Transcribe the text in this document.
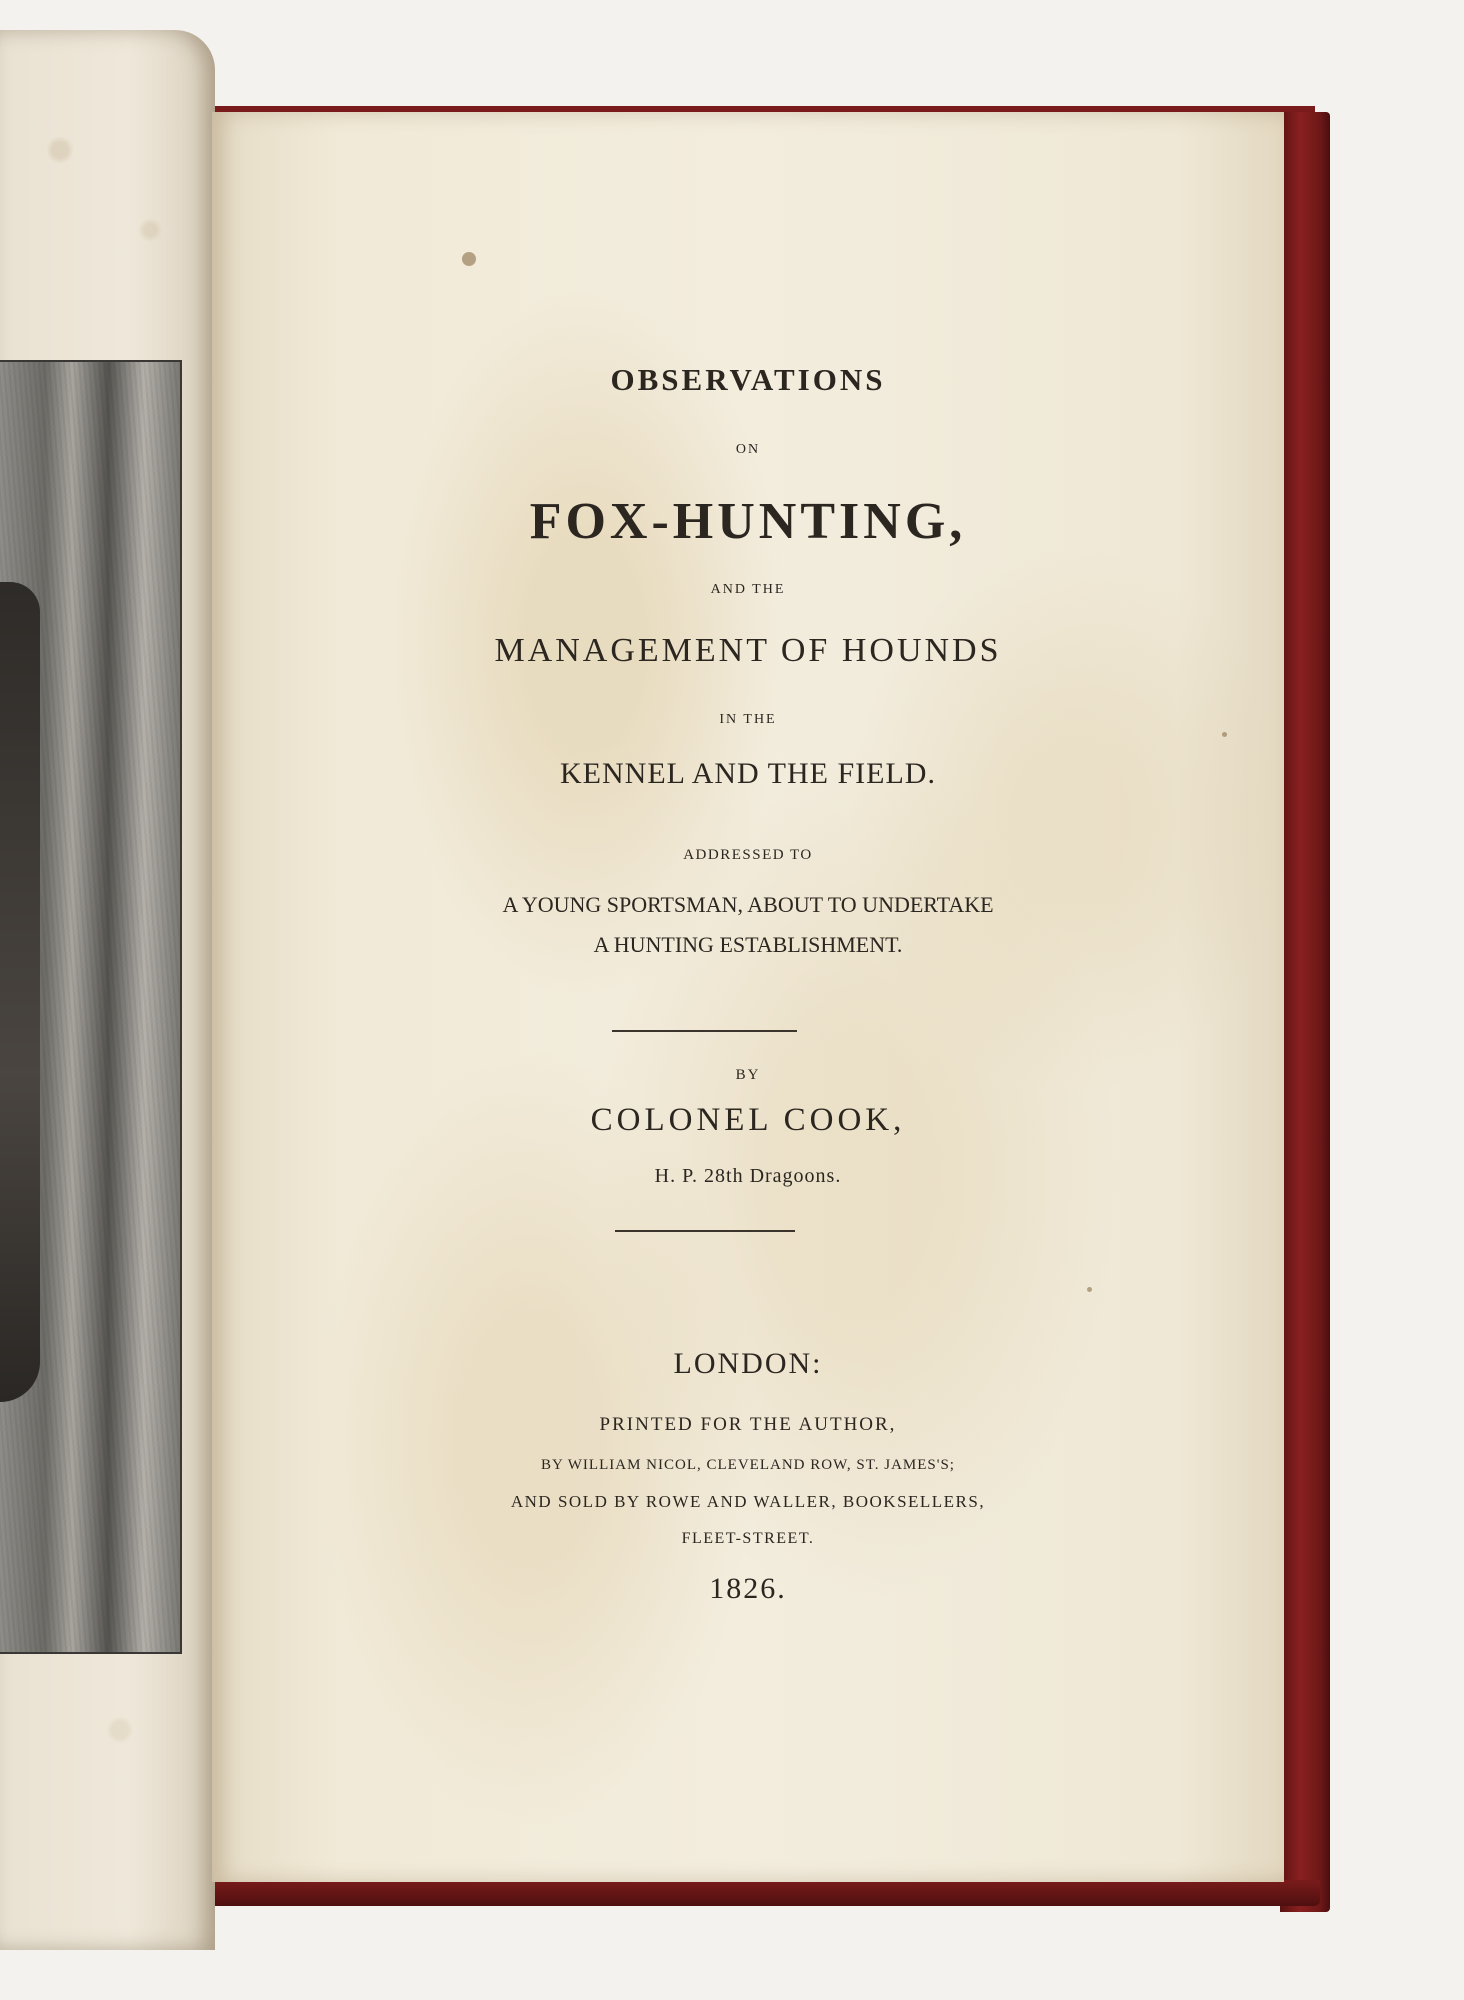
OBSERVATIONS

ON

FOX-HUNTING,

AND THE

MANAGEMENT OF HOUNDS

IN THE

KENNEL AND THE FIELD.

ADDRESSED TO

A YOUNG SPORTSMAN, ABOUT TO UNDERTAKE

A HUNTING ESTABLISHMENT.

BY

COLONEL COOK,

H. P. 28th Dragoons.

LONDON:

PRINTED FOR THE AUTHOR,

BY WILLIAM NICOL, CLEVELAND ROW, ST. JAMES'S;

AND SOLD BY ROWE AND WALLER, BOOKSELLERS,

FLEET-STREET.

1826.
